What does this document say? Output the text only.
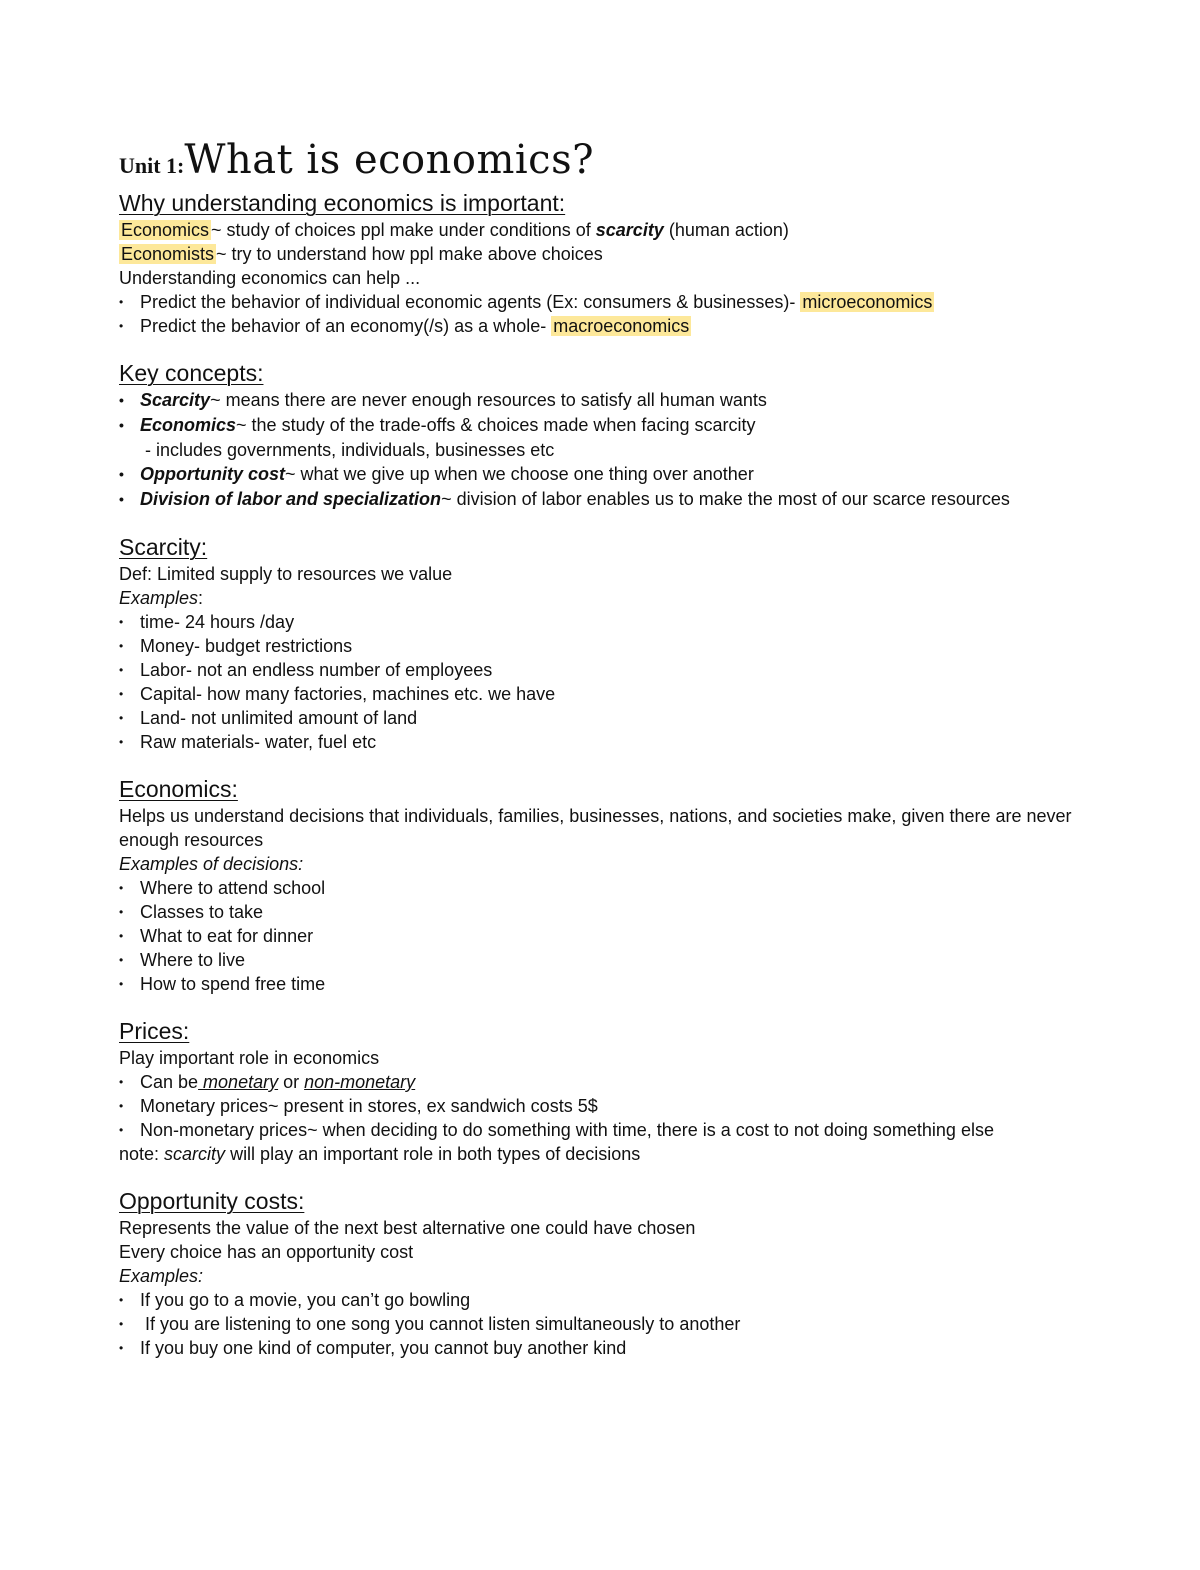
Unit 1:What is economics?
Why understanding economics is important:
Economics ~ study of choices ppl make under conditions of scarcity (human action)
Economists ~ try to understand how ppl make above choices
Understanding economics can help ...
• Predict the behavior of individual economic agents (Ex: consumers & businesses)- microeconomics
• Predict the behavior of an economy(/s) as a whole- macroeconomics
Key concepts:
• Scarcity~ means there are never enough resources to satisfy all human wants
• Economics~ the study of the trade-offs & choices made when facing scarcity
- includes governments, individuals, businesses etc
• Opportunity cost~ what we give up when we choose one thing over another
• Division of labor and specialization~ division of labor enables us to make the most of our scarce resources
Scarcity:
Def: Limited supply to resources we value
Examples:
• time- 24 hours /day
• Money- budget restrictions
• Labor- not an endless number of employees
• Capital- how many factories, machines etc. we have
• Land- not unlimited amount of land
• Raw materials- water, fuel etc
Economics:
Helps us understand decisions that individuals, families, businesses, nations, and societies make, given there are never enough resources
Examples of decisions:
• Where to attend school
• Classes to take
• What to eat for dinner
• Where to live
• How to spend free time
Prices:
Play important role in economics
• Can be monetary or non-monetary
• Monetary prices~ present in stores, ex sandwich costs 5$
• Non-monetary prices~ when deciding to do something with time, there is a cost to not doing something else
note: scarcity will play an important role in both types of decisions
Opportunity costs:
Represents the value of the next best alternative one could have chosen
Every choice has an opportunity cost
Examples:
• If you go to a movie, you can’t go bowling
•  If you are listening to one song you cannot listen simultaneously to another
• If you buy one kind of computer, you cannot buy another kind
